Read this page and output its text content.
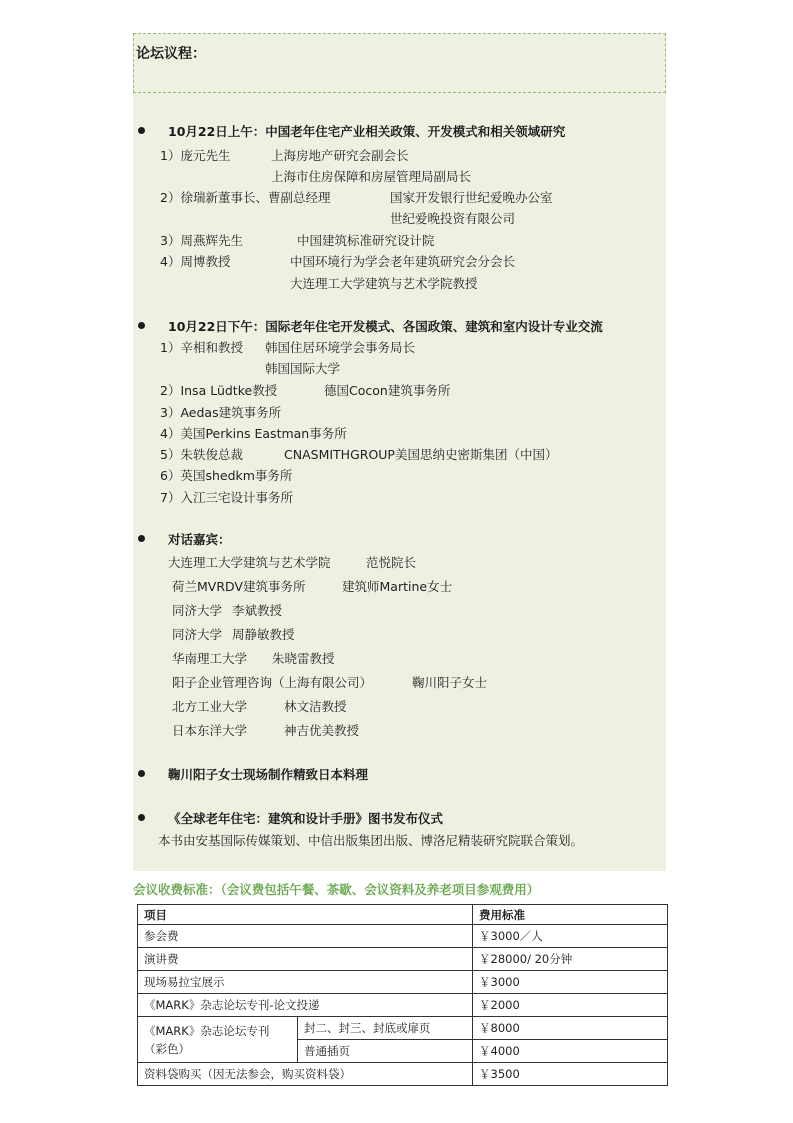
论坛议程：
10月22日上午：中国老年住宅产业相关政策、开发模式和相关领域研究
1）庞元先生	上海房地产研究会副会长
上海市住房保障和房屋管理局副局长
2）徐瑞新董事长、曹副总经理	国家开发银行世纪爱晚办公室
世纪爱晚投资有限公司
3）周燕辉先生	中国建筑标准研究设计院
4）周博教授	中国环境行为学会老年建筑研究会分会长
大连理工大学建筑与艺术学院教授
10月22日下午：国际老年住宅开发模式、各国政策、建筑和室内设计专业交流
1）辛相和教授 韩国住居环境学会事务局长
韩国国际大学
2）Insa Lüdtke教授	德国Cocon建筑事务所
3）Aedas建筑事务所
4）美国Perkins Eastman事务所
5）朱轶俊总裁	CNASMITHGROUP美国思纳史密斯集团（中国）
6）英国shedkm事务所
7）入江三宅设计事务所
对话嘉宾：
大连理工大学建筑与艺术学院	范悦院长
荷兰MVRDV建筑事务所	建筑师Martine女士
同济大学 李斌教授
同济大学 周静敏教授
华南理工大学 朱晓雷教授
阳子企业管理咨询（上海有限公司）	鞠川阳子女士
北方工业大学	林文洁教授
日本东洋大学	神吉优美教授
鞠川阳子女士现场制作精致日本料理
《全球老年住宅：建筑和设计手册》图书发布仪式
本书由安基国际传媒策划、中信出版集团出版、博洛尼精装研究院联合策划。
会议收费标准：（会议费包括午餐、茶歇、会议资料及养老项目参观费用）
项目		费用标准
参会费		￥3000／人
演讲费		￥28000/ 20分钟
现场易拉宝展示		￥3000
《MARK》杂志论坛专刊-论文投递		￥2000
《MARK》杂志论坛专刊（彩色）	封二、封三、封底或扉页	￥8000
	普通插页	￥4000
资料袋购买（因无法参会，购买资料袋）		￥3500
